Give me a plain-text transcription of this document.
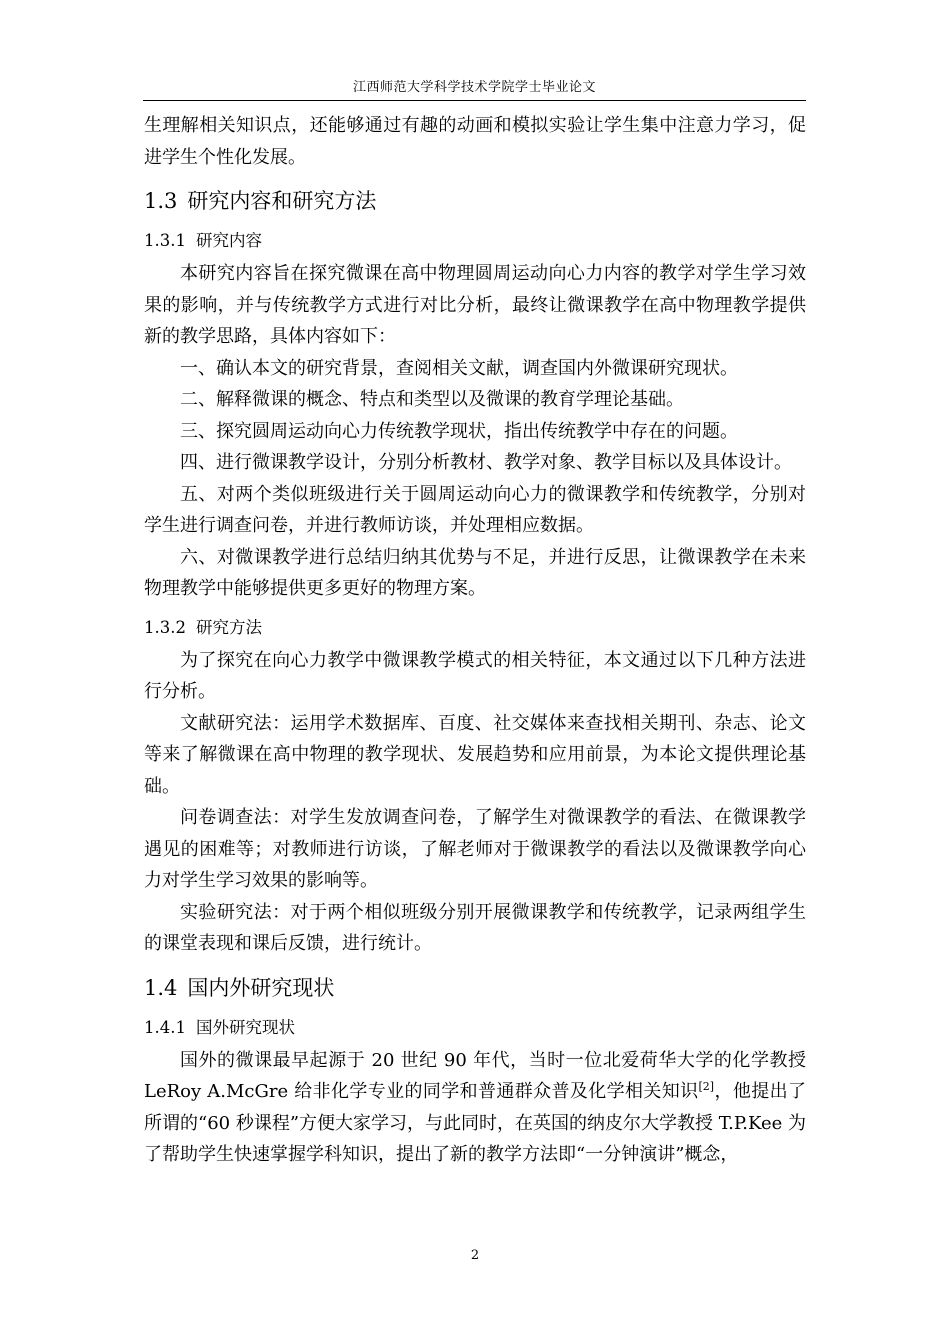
江西师范大学科学技术学院学士毕业论文

生理解相关知识点，还能够通过有趣的动画和模拟实验让学生集中注意力学习，促进学生个性化发展。

1.3 研究内容和研究方法
1.3.1 研究内容

本研究内容旨在探究微课在高中物理圆周运动向心力内容的教学对学生学习效果的影响，并与传统教学方式进行对比分析，最终让微课教学在高中物理教学提供新的教学思路，具体内容如下：

一、确认本文的研究背景，查阅相关文献，调查国内外微课研究现状。

二、解释微课的概念、特点和类型以及微课的教育学理论基础。

三、探究圆周运动向心力传统教学现状，指出传统教学中存在的问题。

四、进行微课教学设计，分别分析教材、教学对象、教学目标以及具体设计。

五、对两个类似班级进行关于圆周运动向心力的微课教学和传统教学，分别对学生进行调查问卷，并进行教师访谈，并处理相应数据。

六、对微课教学进行总结归纳其优势与不足，并进行反思，让微课教学在未来物理教学中能够提供更多更好的物理方案。

1.3.2 研究方法

为了探究在向心力教学中微课教学模式的相关特征，本文通过以下几种方法进行分析。

文献研究法：运用学术数据库、百度、社交媒体来查找相关期刊、杂志、论文等来了解微课在高中物理的教学现状、发展趋势和应用前景，为本论文提供理论基础。

问卷调查法：对学生发放调查问卷，了解学生对微课教学的看法、在微课教学遇见的困难等；对教师进行访谈，了解老师对于微课教学的看法以及微课教学向心力对学生学习效果的影响等。

实验研究法：对于两个相似班级分别开展微课教学和传统教学，记录两组学生的课堂表现和课后反馈，进行统计。

1.4 国内外研究现状
1.4.1 国外研究现状

国外的微课最早起源于 20 世纪 90 年代，当时一位北爱荷华大学的化学教授 LeRoy A.McGre 给非化学专业的同学和普通群众普及化学相关知识[2]，他提出了所谓的“60 秒课程”方便大家学习，与此同时，在英国的纳皮尔大学教授 T.P.Kee 为了帮助学生快速掌握学科知识，提出了新的教学方法即“一分钟演讲”概念，

2
